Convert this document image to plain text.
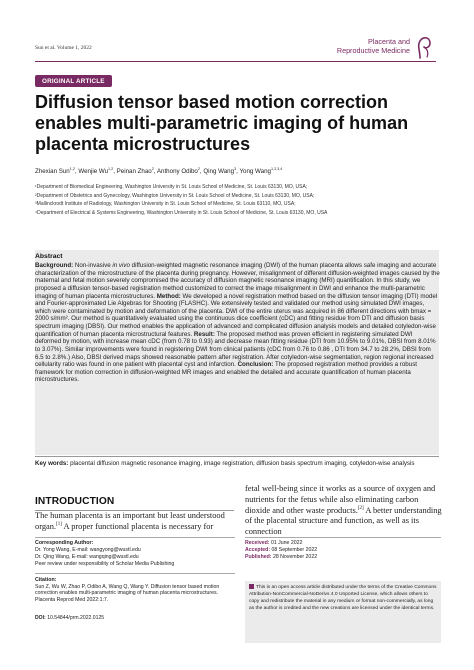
Sun et al. Volume 1, 2022
Placenta and
Reproductive Medicine
ORIGINAL ARTICLE
Diffusion tensor based motion correction enables multi-parametric imaging of human placenta microstructures
Zhexian Sun$^{1,2}$, Wenjie Wu$^{1,2}$, Peinan Zhao$^2$, Anthony Odibo$^2$, Qing Wang$^3$, Yong Wang$^{1,2,3,4}$
¹Department of Biomedical Engineering, Washington University in St. Louis School of Medicine, St. Louis 63130, MO, USA;
²Department of Obstetrics and Gynecology, Washington University in St. Louis School of Medicine, St. Louis 63130, MO, USA;
³Mallinckrodt Institute of Radiology, Washington University in St. Louis School of Medicine, St. Louis 63110, MO, USA;
⁴Department of Electrical & Systems Engineering, Washington University in St. Louis School of Medicine, St. Louis 63130, MO, USA
Abstract
Background: Non-invasive in vivo diffusion-weighted magnetic resonance imaging (DWI) of the human placenta allows safe imaging and accurate characterization of the microstructure of the placenta during pregnancy. However, misalignment of different diffusion-weighted images caused by the maternal and fetal motion severely compromised the accuracy of diffusion magnetic resonance imaging (MRI) quantification. In this study, we proposed a diffusion tensor-based registration method customized to correct the image misalignment in DWI and enhance the multi-parametric imaging of human placenta microstructures. Method: We developed a novel registration method based on the diffusion tensor imaging (DTI) model and Fourier-approximated Lie Algebras for Shooting (FLASHC). We extensively tested and validated our method using simulated DWI images, which were contaminated by motion and deformation of the placenta. DWI of the entire uterus was acquired in 86 different directions with bmax = 2000 s/mm². Our method is quantitatively evaluated using the continuous dice coefficient (cDC) and fitting residue from DTI and diffusion basis spectrum imaging (DBSI). Our method enables the application of advanced and complicated diffusion analysis models and detailed cotyledon-wise quantification of human placenta microstructural features. Result: The proposed method was proven efficient in registering simulated DWI deformed by motion, with increase mean cDC (from 0.78 to 0.93) and decrease mean fitting residue (DTI from 10.95% to 9.01%, DBSI from 8.01% to 3.07%). Similar improvements were found in registering DWI from clinical patients (cDC from 0.76 to 0.86 , DTI from 34.7 to 28.2%, DBSI from 6.5 to 2.8%.) Also, DBSI derived maps showed reasonable pattern after registration. After cotyledon-wise segmentation, region regional increased cellularity ratio was found in one patient with placental cyst and infarction. Conclusion: The proposed registration method provides a robust framework for motion correction in diffusion-weighted MR images and enabled the detailed and accurate quantification of human placenta microstructures.
Key words: placental diffusion magnetic resonance imaging, image registration, diffusion basis spectrum imaging, cotyledon-wise analysis
INTRODUCTION
The human placenta is an important but least understood organ.[1] A proper functional placenta is necessary for
fetal well-being since it works as a source of oxygen and nutrients for the fetus while also eliminating carbon dioxide and other waste products.[2] A better understanding of the placental structure and function, as well as its connection
Corresponding Author:
Dr. Yong Wang, E-mail: wangyong@wustl.edu
Dr. Qing Wang, E-mail: wangqing@wustl.edu
Peer review under responsibility of Scholar Media Publishing
Citation:
Sun Z, Wu W, Zhao P, Odibo A, Wang Q, Wang Y. Diffusion tensor based motion correction enables multi-parametric imaging of human placenta microstructures. Placenta Reprod Med 2022:1:7.
DOI: 10.54844/prm.2022.0125
Received: 01 June 2022
Accepted: 08 September 2022
Published: 28 November 2022
This is an open access article distributed under the terms of the Creative Commons Attribution-NonCommercial-NoDerivs 4.0 Unported License, which allows others to copy and redistribute the material in any medium or format non-commercially, as long as the author is credited and the new creations are licensed under the identical terms.
